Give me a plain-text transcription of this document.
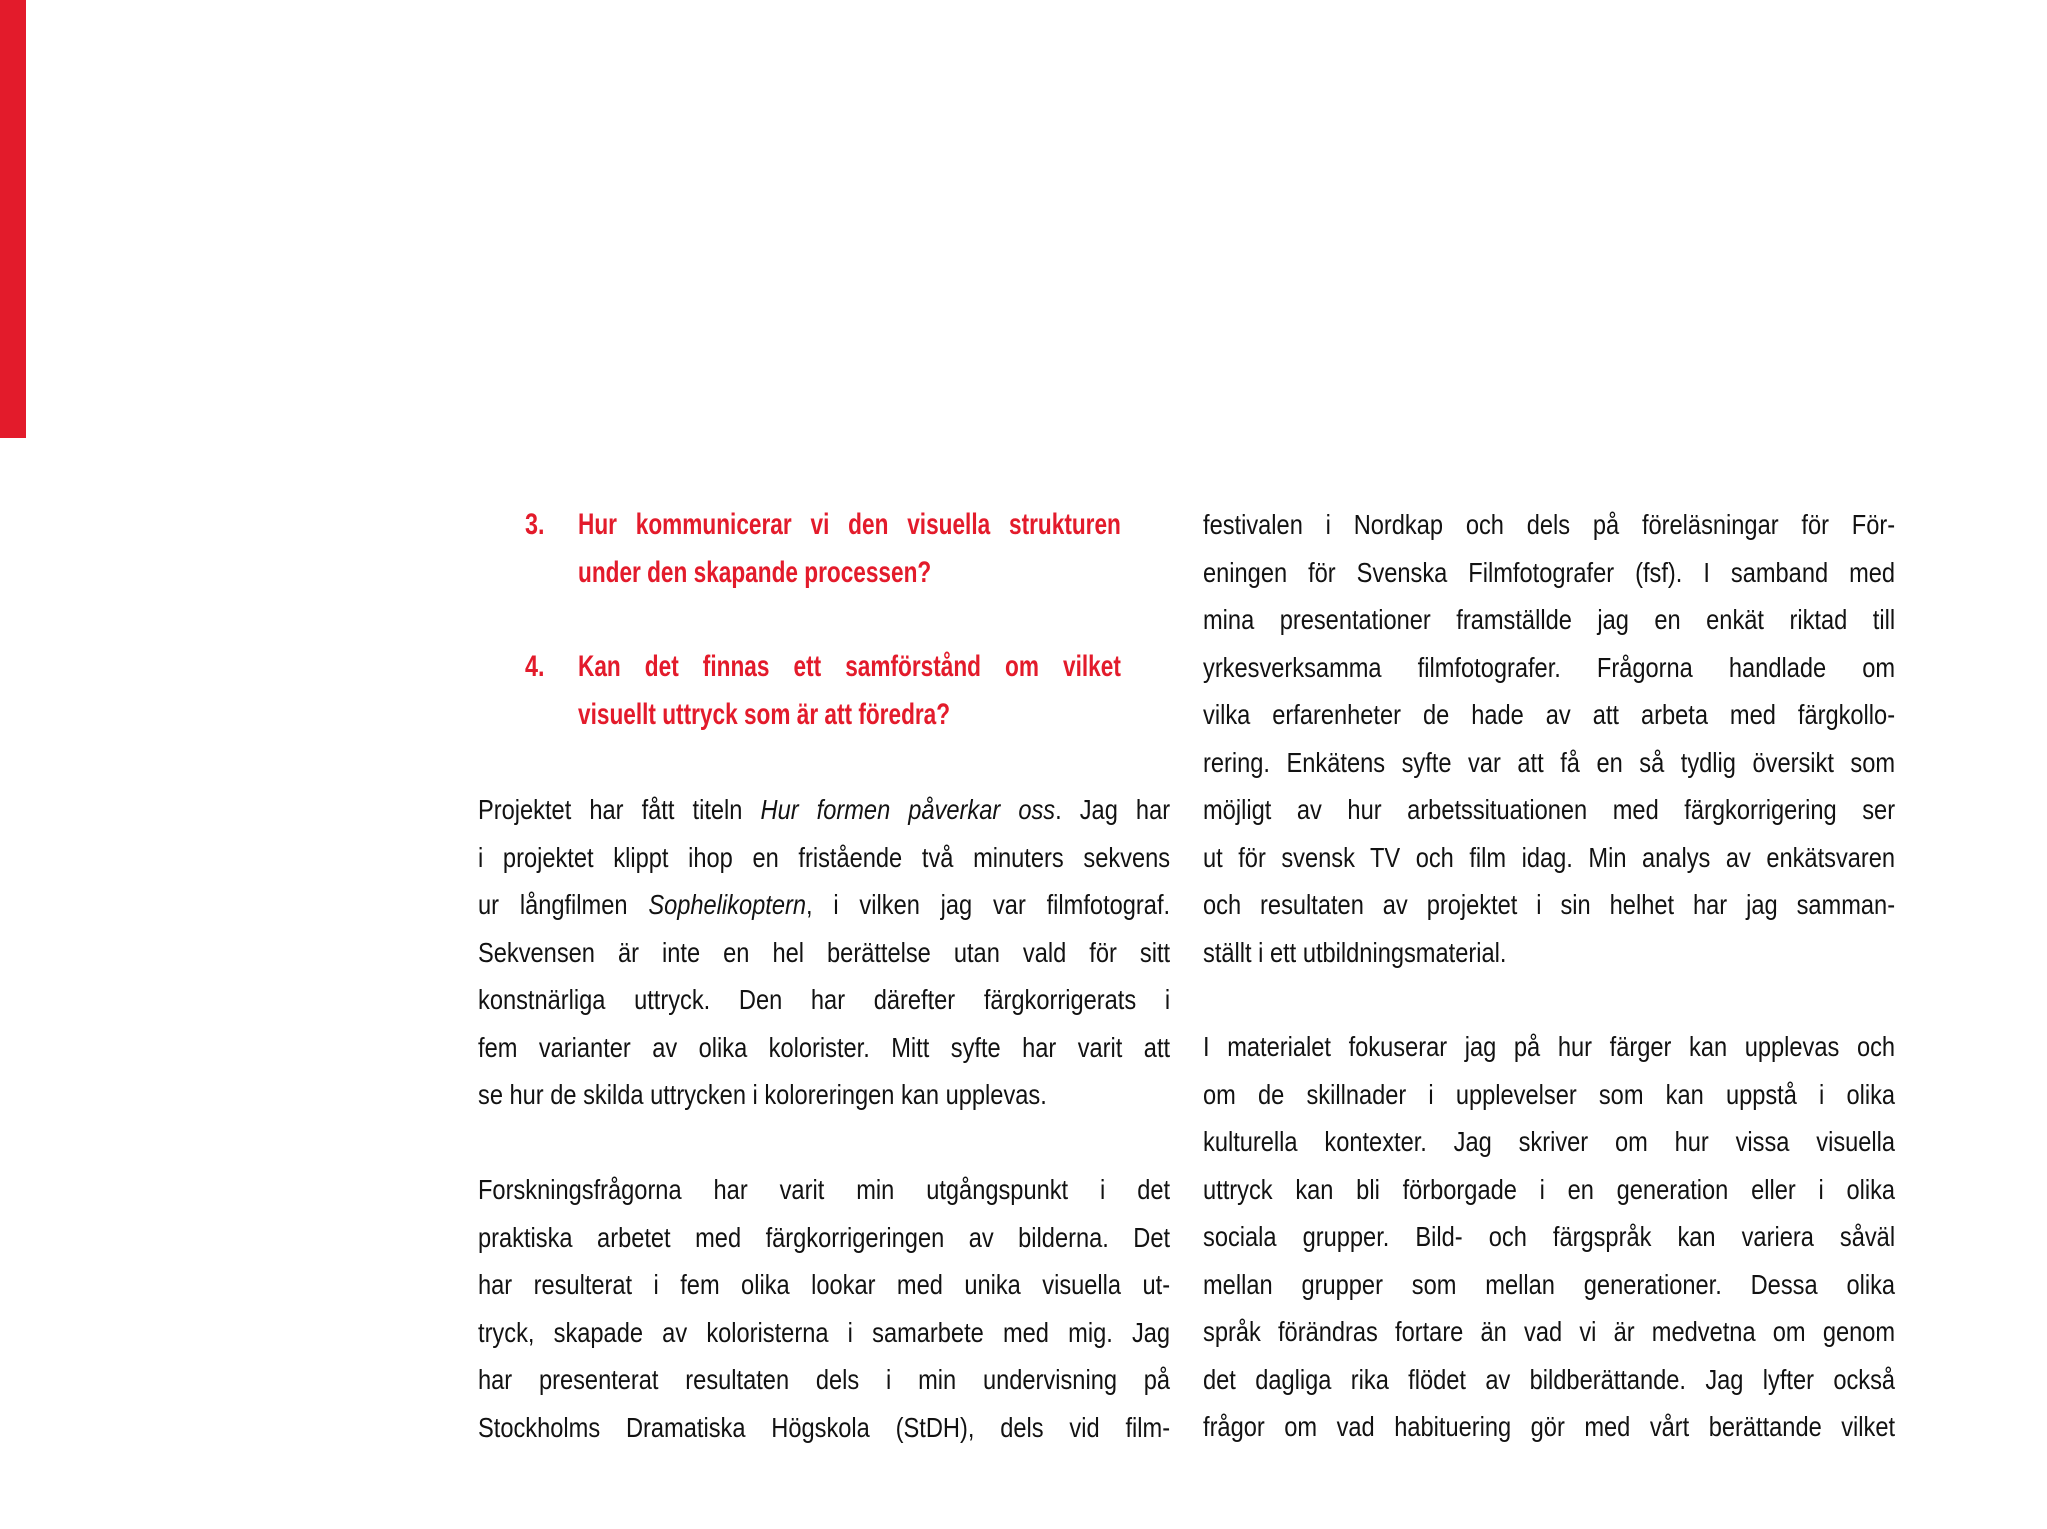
3. Hur kommunicerar vi den visuella strukturen
under den skapande processen?
4. Kan det finnas ett samförstånd om vilket
visuellt uttryck som är att föredra?
Projektet har fått titeln Hur formen påverkar oss. Jag har
i projektet klippt ihop en fristående två minuters sekvens
ur långfilmen Sophelikoptern, i vilken jag var filmfotograf.
Sekvensen är inte en hel berättelse utan vald för sitt
konstnärliga uttryck. Den har därefter färgkorrigerats i
fem varianter av olika kolorister. Mitt syfte har varit att
se hur de skilda uttrycken i koloreringen kan upplevas.
Forskningsfrågorna har varit min utgångspunkt i det
praktiska arbetet med färgkorrigeringen av bilderna. Det
har resulterat i fem olika lookar med unika visuella ut-
tryck, skapade av koloristerna i samarbete med mig. Jag
har presenterat resultaten dels i min undervisning på
Stockholms Dramatiska Högskola (StDH), dels vid film-
festivalen i Nordkap och dels på föreläsningar för För-
eningen för Svenska Filmfotografer (fsf). I samband med
mina presentationer framställde jag en enkät riktad till
yrkesverksamma filmfotografer. Frågorna handlade om
vilka erfarenheter de hade av att arbeta med färgkollo-
rering. Enkätens syfte var att få en så tydlig översikt som
möjligt av hur arbetssituationen med färgkorrigering ser
ut för svensk TV och film idag. Min analys av enkätsvaren
och resultaten av projektet i sin helhet har jag samman-
ställt i ett utbildningsmaterial.
I materialet fokuserar jag på hur färger kan upplevas och
om de skillnader i upplevelser som kan uppstå i olika
kulturella kontexter. Jag skriver om hur vissa visuella
uttryck kan bli förborgade i en generation eller i olika
sociala grupper. Bild- och färgspråk kan variera såväl
mellan grupper som mellan generationer. Dessa olika
språk förändras fortare än vad vi är medvetna om genom
det dagliga rika flödet av bildberättande. Jag lyfter också
frågor om vad habituering gör med vårt berättande vilket
